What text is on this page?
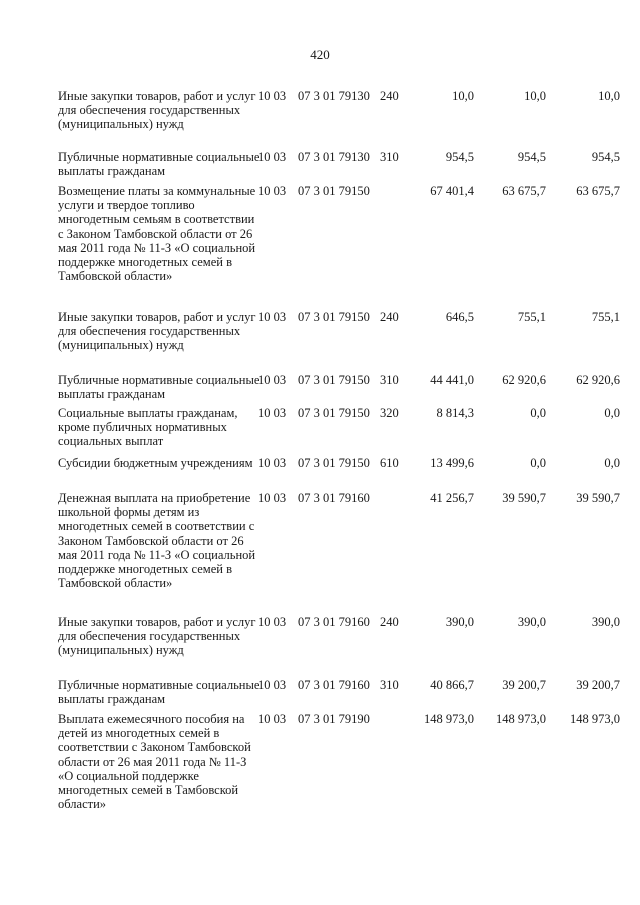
420
Иные закупки товаров, работ и услуг для обеспечения государственных (муниципальных) нужд
10 03 07 3 01 79130 240	10,0	10,0	10,0
Публичные нормативные социальные выплаты гражданам
10 03 07 3 01 79130 310	954,5	954,5	954,5
Возмещение платы за коммунальные услуги и твердое топливо многодетным семьям в соответствии с Законом Тамбовской области от 26 мая 2011 года № 11-З «О социальной поддержке многодетных семей в Тамбовской области»
10 03 07 3 01 79150	67 401,4	63 675,7	63 675,7
Иные закупки товаров, работ и услуг для обеспечения государственных (муниципальных) нужд
10 03 07 3 01 79150 240	646,5	755,1	755,1
Публичные нормативные социальные выплаты гражданам
10 03 07 3 01 79150 310	44 441,0	62 920,6	62 920,6
Социальные выплаты гражданам, кроме публичных нормативных социальных выплат
10 03 07 3 01 79150 320	8 814,3	0,0	0,0
Субсидии бюджетным учреждениям 10 03 07 3 01 79150 610	13 499,6	0,0	0,0
Денежная выплата на приобретение школьной формы детям из многодетных семей в соответствии с Законом Тамбовской области от 26 мая 2011 года № 11-З «О социальной поддержке многодетных семей в Тамбовской области»
10 03 07 3 01 79160	41 256,7	39 590,7	39 590,7
Иные закупки товаров, работ и услуг для обеспечения государственных (муниципальных) нужд
10 03 07 3 01 79160 240	390,0	390,0	390,0
Публичные нормативные социальные выплаты гражданам
10 03 07 3 01 79160 310	40 866,7	39 200,7	39 200,7
Выплата ежемесячного пособия на детей из многодетных семей в соответствии с Законом Тамбовской области от 26 мая 2011 года № 11-З «О социальной поддержке многодетных семей в Тамбовской области»
10 03 07 3 01 79190	148 973,0	148 973,0	148 973,0
